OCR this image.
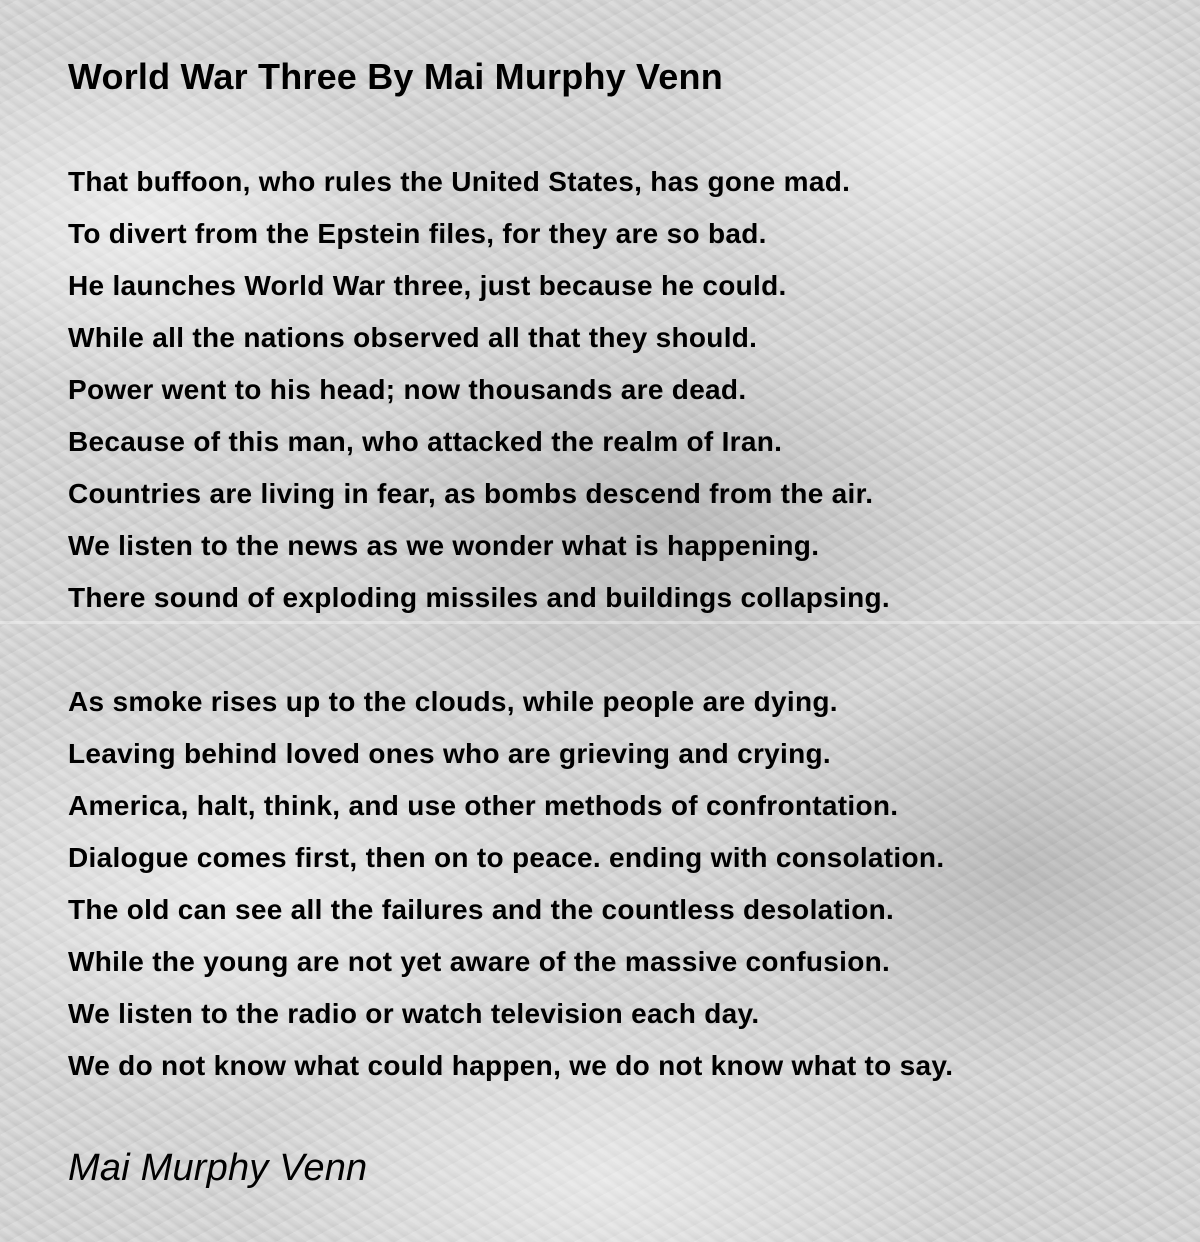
World War Three By Mai Murphy Venn
That buffoon, who rules the United States, has gone mad.
To divert from the Epstein files, for they are so bad.
He launches World War three, just because he could.
While all the nations observed all that they should.
Power went to his head; now thousands are dead.
Because of this man, who attacked the realm of Iran.
Countries are living in fear, as bombs descend from the air.
We listen to the news as we wonder what is happening.
There sound of exploding missiles and buildings collapsing.
As smoke rises up to the clouds, while people are dying.
Leaving behind loved ones who are grieving and crying.
America, halt, think, and use other methods of confrontation.
Dialogue comes first, then on to peace. ending with consolation.
The old can see all the failures and the countless desolation.
While the young are not yet aware of the massive confusion.
We listen to the radio or watch television each day.
We do not know what could happen, we do not know what to say.
Mai Murphy Venn
